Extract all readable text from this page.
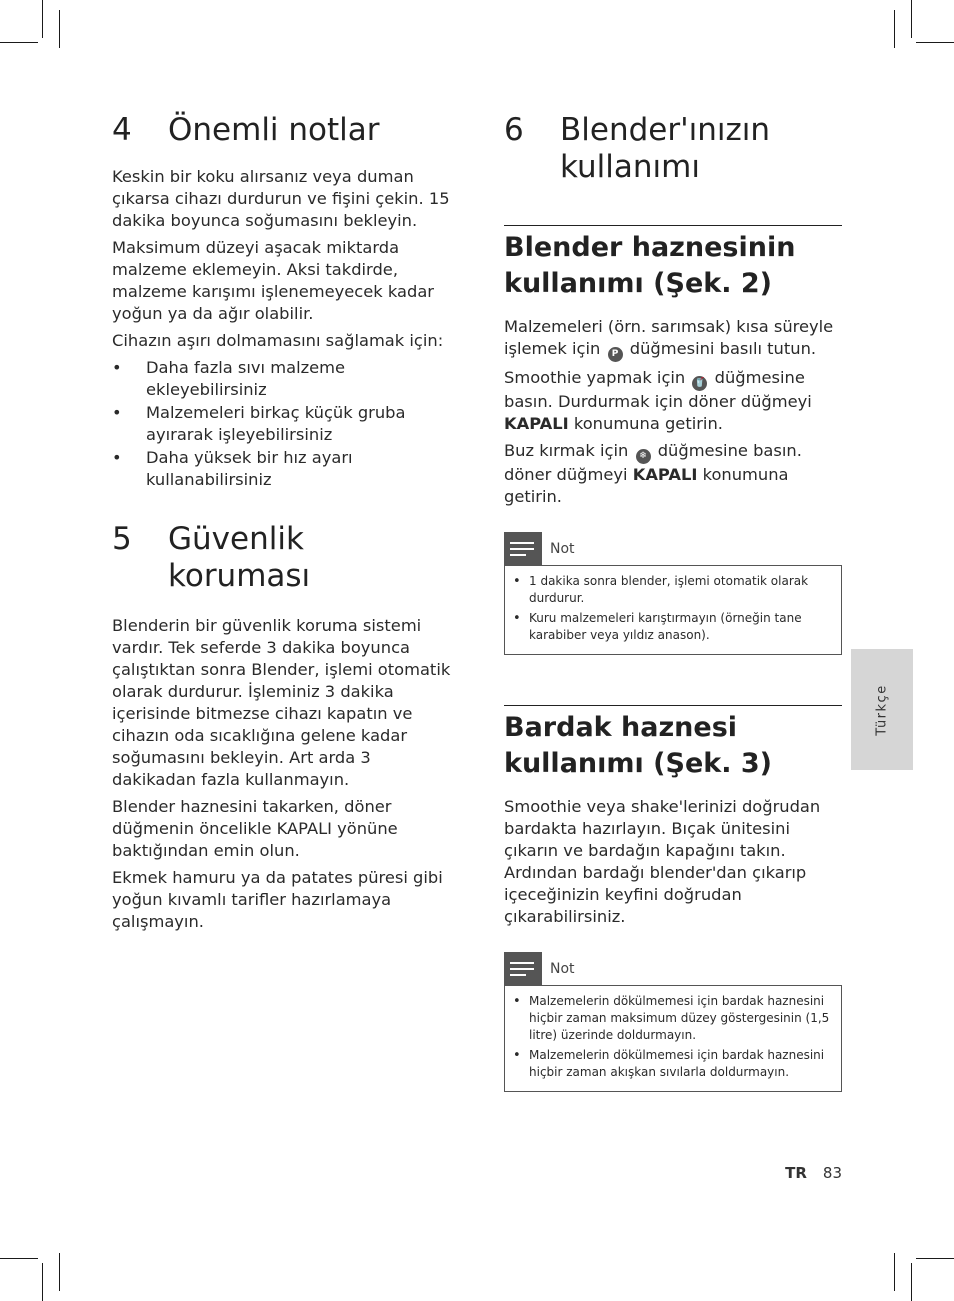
4	Önemli notlar

Keskin bir koku alırsanız veya duman çıkarsa cihazı durdurun ve fişini çekin. 15 dakika boyunca soğumasını bekleyin.

Maksimum düzeyi aşacak miktarda malzeme eklemeyin. Aksi takdirde, malzeme karışımı işlenemeyecek kadar yoğun ya da ağır olabilir.

Cihazın aşırı dolmamasını sağlamak için:

• Daha fazla sıvı malzeme ekleyebilirsiniz
• Malzemeleri birkaç küçük gruba ayırarak işleyebilirsiniz
• Daha yüksek bir hız ayarı kullanabilirsiniz
5	Güvenlik koruması

Blenderin bir güvenlik koruma sistemi vardır. Tek seferde 3 dakika boyunca çalıştıktan sonra Blender, işlemi otomatik olarak durdurur. İşleminiz 3 dakika içerisinde bitmezse cihazı kapatın ve cihazın oda sıcaklığına gelene kadar soğumasını bekleyin. Art arda 3 dakikadan fazla kullanmayın.

Blender haznesini takarken, döner düğmenin öncelikle KAPALI yönüne baktığından emin olun.

Ekmek hamuru ya da patates püresi gibi yoğun kıvamlı tarifler hazırlamaya çalışmayın.

6	Blender'ınızın kullanımı
Blender haznesinin kullanımı (Şek. 2)

Malzemeleri (örn. sarımsak) kısa süreyle işlemek için P düğmesini basılı tutun.

Smoothie yapmak için 🥤 düğmesine basın. Durdurmak için döner düğmeyi KAPALI konumuna getirin.

Buz kırmak için ❄ düğmesine basın. döner düğmeyi KAPALI konumuna getirin.

Not
• 1 dakika sonra blender, işlemi otomatik olarak durdurur.
• Kuru malzemeleri karıştırmayın (örneğin tane karabiber veya yıldız anason).
Bardak haznesi kullanımı (Şek. 3)

Smoothie veya shake'lerinizi doğrudan bardakta hazırlayın. Bıçak ünitesini çıkarın ve bardağın kapağını takın. Ardından bardağı blender'dan çıkarıp içeceğinizin keyfini doğrudan çıkarabilirsiniz.

Not
• Malzemelerin dökülmemesi için bardak haznesini hiçbir zaman maksimum düzey göstergesinin (1,5 litre) üzerinde doldurmayın.
• Malzemelerin dökülmemesi için bardak haznesini hiçbir zaman akışkan sıvılarla doldurmayın.
Türkçe
TR 83
